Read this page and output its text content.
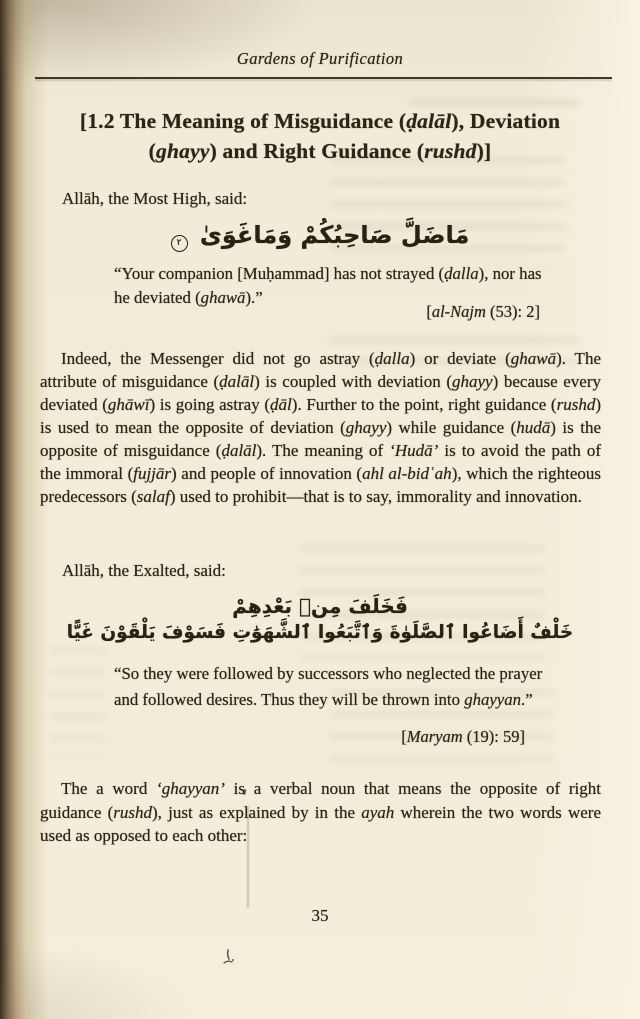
Gardens of Purification
[1.2 The Meaning of Misguidance (ḍalāl), Deviation
(ghayy) and Right Guidance (rushd)]
Allāh, the Most High, said:
مَاضَلَّ صَاحِبُكُمْ وَمَاغَوَىٰ ٢
“Your companion [Muḥammad] has not strayed (ḍalla), nor has he deviated (ghawā).”
[al-Najm (53): 2]
Indeed, the Messenger did not go astray (ḍalla) or deviate (ghawā). The attribute of misguidance (ḍalāl) is coupled with deviation (ghayy) because every deviated (ghāwī) is going astray (ḍāl). Further to the point, right guidance (rushd) is used to mean the opposite of deviation (ghayy) while guidance (hudā) is the opposite of misguidance (ḍalāl). The meaning of ‘Hudā’ is to avoid the path of the immoral (fujjār) and people of innovation (ahl al-bidʿah), which the righteous predecessors (salaf) used to prohibit—that is to say, immorality and innovation.
Allāh, the Exalted, said:
فَخَلَفَ مِنۢ بَعْدِهِمْ
خَلْفٌ أَضَاعُوا ٱلصَّلَوٰةَ وَٱتَّبَعُوا ٱلشَّهَوَٰتِ فَسَوْفَ يَلْقَوْنَ غَيًّا
“So they were followed by successors who neglected the prayer and followed desires. Thus they will be thrown into ghayyan.”
[Maryam (19): 59]
The a word ‘ghayyan’ is a verbal noun that means the opposite of right guidance (rushd), just as explained by in the ayah wherein the two words were used as opposed to each other:
35
